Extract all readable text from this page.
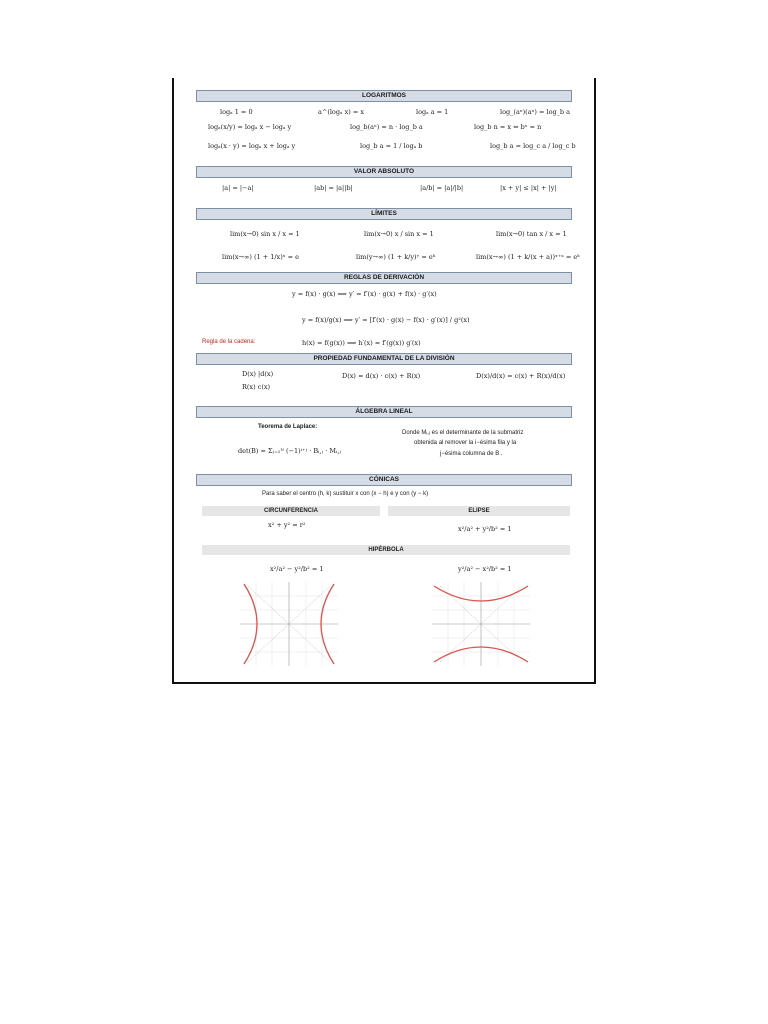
LOGARITMOS
logₐ 1 = 0	a^(logₐ x) = x	logₐ a = 1	log_(aⁿ)(aⁿ) = log_b a
logₐ(x/y) = logₐ x − logₐ y	log_b(aⁿ) = n · log_b a	log_b n = x ⇔ bˣ = n
logₐ(x · y) = logₐ x + logₐ y	log_b a = 1 / logₐ b	log_b a = log_c a / log_c b
VALOR ABSOLUTO
|a| = |−a|	|ab| = |a||b|	|a/b| = |a|/|b|	|x + y| ≤ |x| + |y|
LÍMITES
lim(x→0) sin x / x = 1	lim(x→0) x / sin x = 1	lim(x→0) tan x / x = 1
lim(x→∞) (1 + 1/x)ˣ = e	lim(y→∞) (1 + k/y)ʸ = eᵏ	lim(x→∞) (1 + k/(x + a))ˣ⁺ᵃ = eᵏ
REGLAS DE DERIVACIÓN
y = f(x) · g(x) ⟹ y′ = f′(x) · g(x) + f(x) · g′(x)
y = f(x)/g(x) ⟹ y′ = [f′(x) · g(x) − f(x) · g′(x)] / g²(x)
Regla de la cadena:	h(x) = f(g(x)) ⟹ h′(x) = f′(g(x)) g′(x)
PROPIEDAD FUNDAMENTAL DE LA DIVISIÓN
D(x) |d(x)
R(x) c(x)
D(x) = d(x) · c(x) + R(x)	D(x)/d(x) = c(x) + R(x)/d(x)
ÁLGEBRA LINEAL
Teorema de Laplace:
det(B) = Σⱼ₌₁ᴺ (−1)ⁱ⁺ʲ · Bᵢ,ⱼ · Mᵢ,ⱼ
Donde Mᵢ,ⱼ es el determinante de la submatriz
obtenida al remover la i−ésima fila y la
j−ésima columna de B .
CÓNICAS
Para saber el centro (h, k) sustituir x con (x − h) e y con (y − k)
CIRCUNFERENCIA	ELIPSE
x² + y² = r²	x²/a² + y²/b² = 1
HIPÉRBOLA
x²/a² − y²/b² = 1	y²/a² − x²/b² = 1
